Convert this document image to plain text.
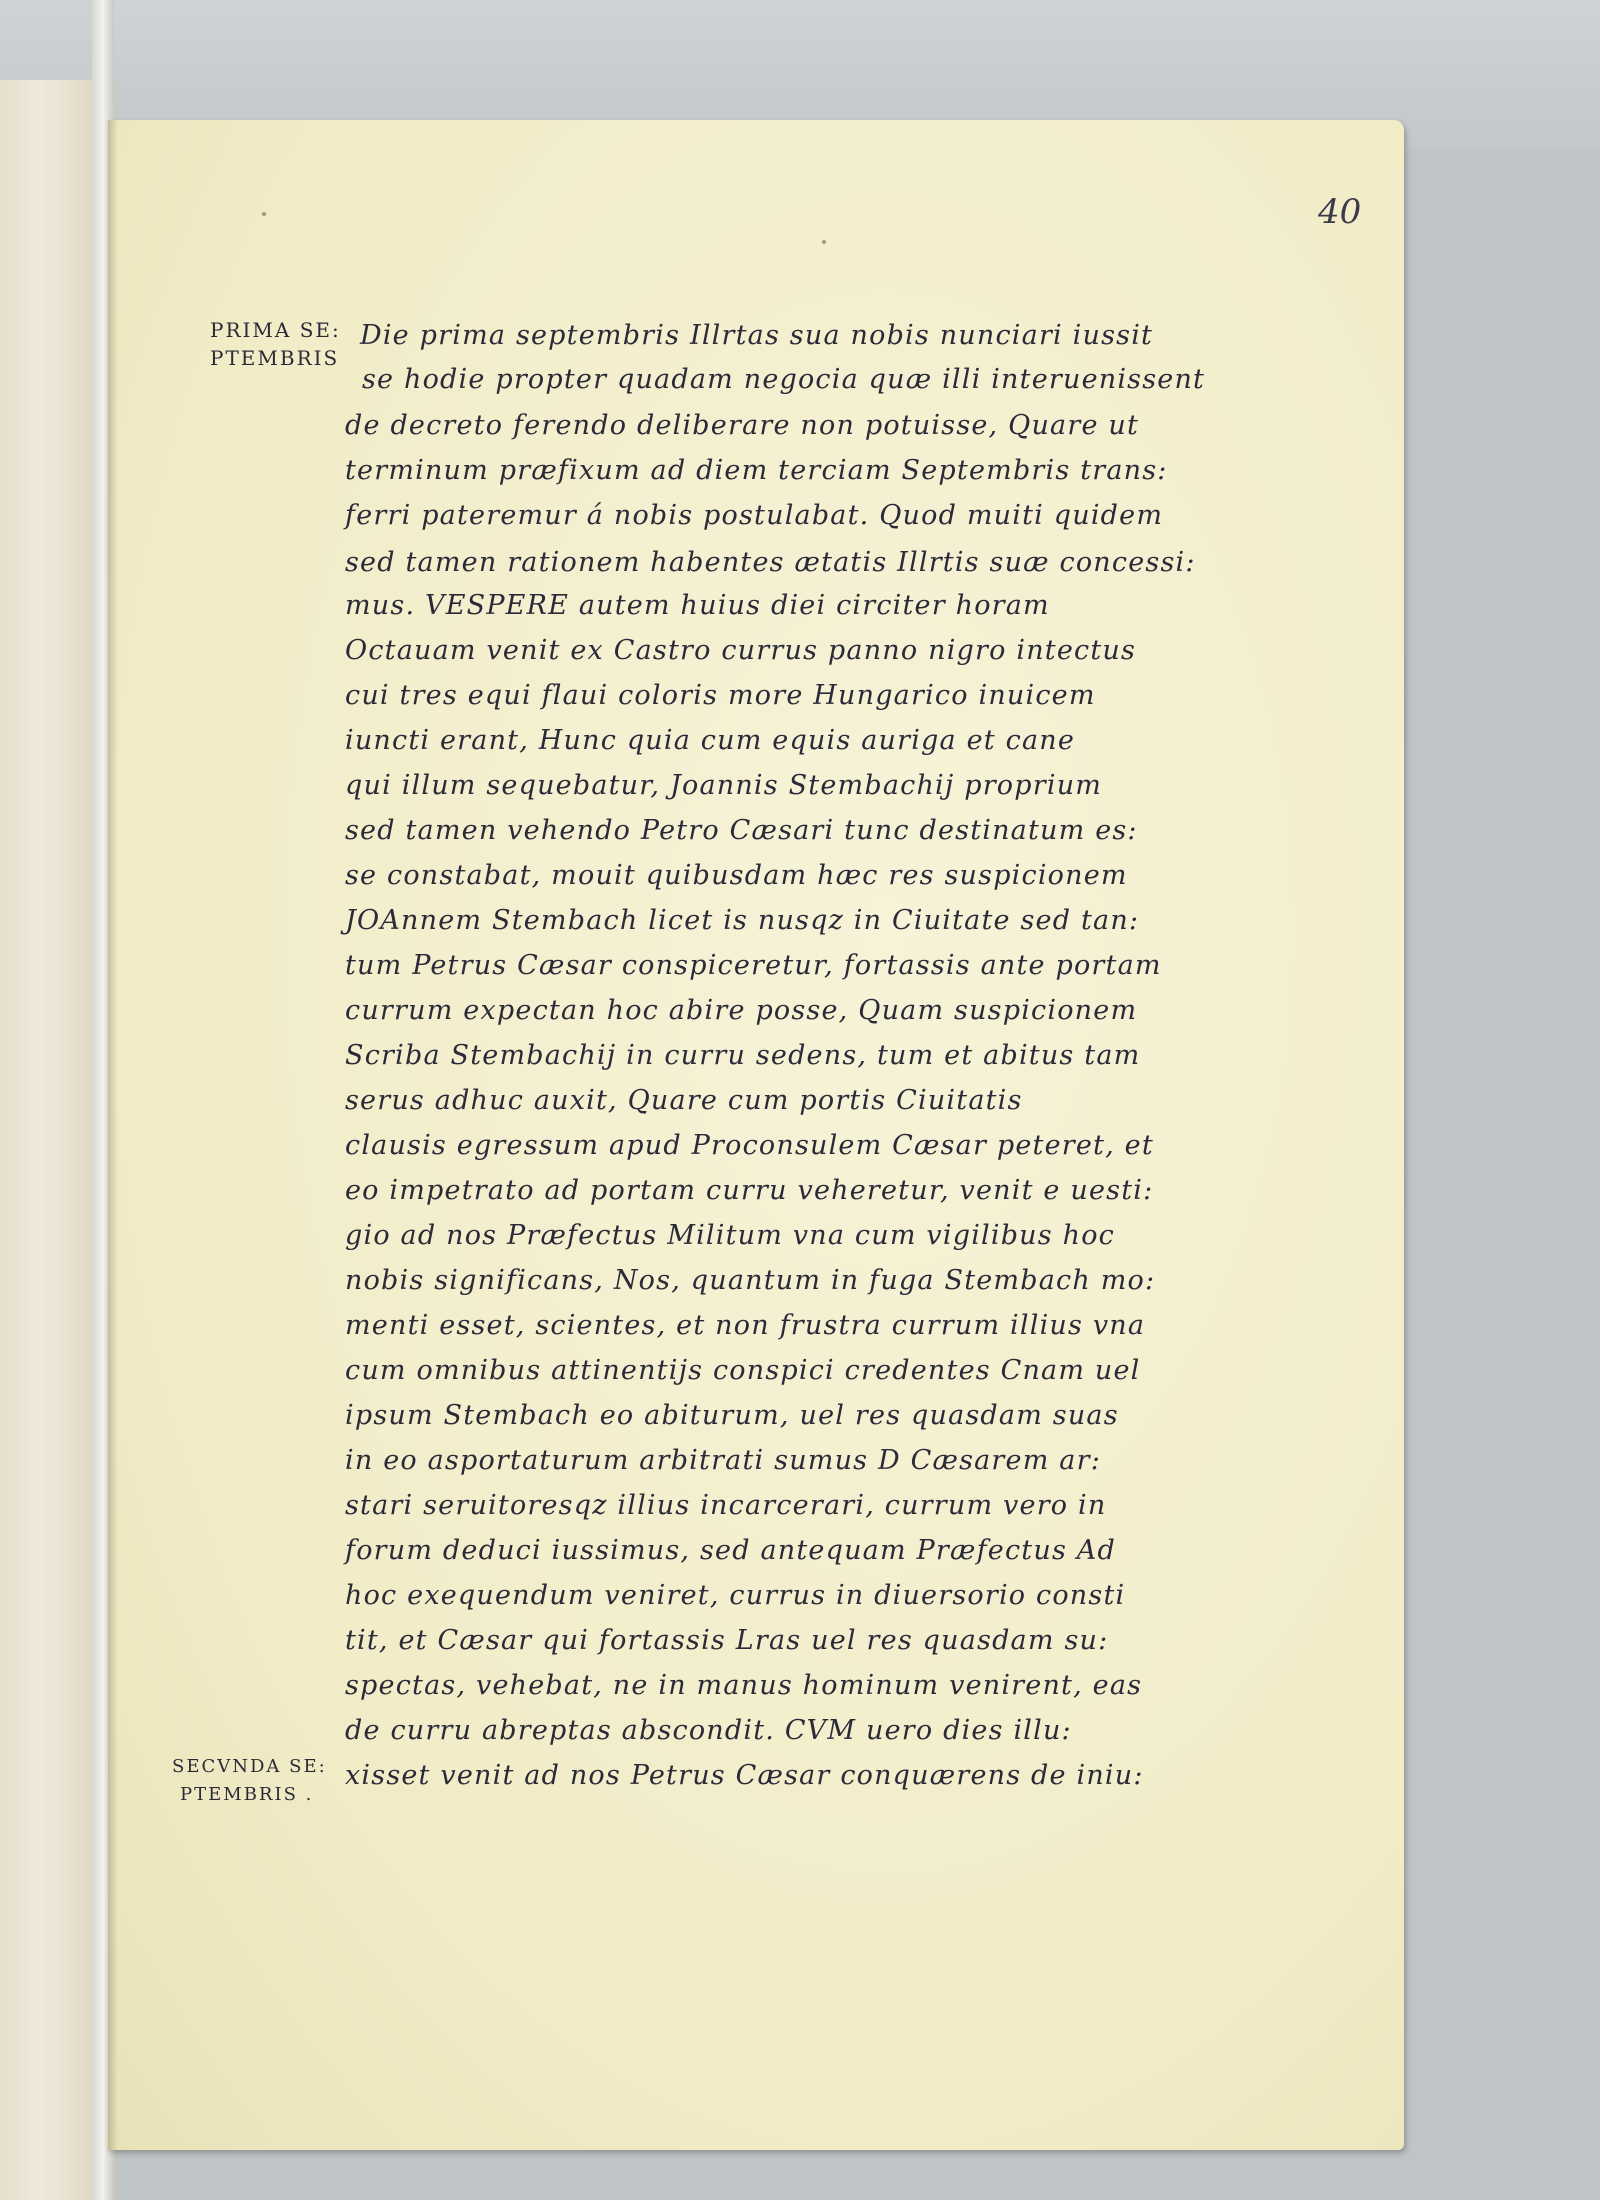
40
PRIMA SE:
PTEMBRIS
SECVNDA SE:
PTEMBRIS .
Die prima septembris Illrtas sua nobis nunciari iussit
se hodie propter quadam negocia quæ illi interuenissent
de decreto ferendo deliberare non potuisse, Quare ut
terminum præfixum ad diem terciam Septembris trans:
ferri pateremur á nobis postulabat. Quod muiti quidem
sed tamen rationem habentes ætatis Illrtis suæ concessi:
mus. VESPERE autem huius diei circiter horam
Octauam venit ex Castro currus panno nigro intectus
cui tres equi flaui coloris more Hungarico inuicem
iuncti erant, Hunc quia cum equis auriga et cane
qui illum sequebatur, Joannis Stembachij proprium
sed tamen vehendo Petro Cæsari tunc destinatum es:
se constabat, mouit quibusdam hæc res suspicionem
JOAnnem Stembach licet is nusqz in Ciuitate sed tan:
tum Petrus Cæsar conspiceretur, fortassis ante portam
currum expectan hoc abire posse, Quam suspicionem
Scriba Stembachij in curru sedens, tum et abitus tam
serus adhuc auxit, Quare cum portis Ciuitatis
clausis egressum apud Proconsulem Cæsar peteret, et
eo impetrato ad portam curru veheretur, venit e uesti:
gio ad nos Præfectus Militum vna cum vigilibus hoc
nobis significans, Nos, quantum in fuga Stembach mo:
menti esset, scientes, et non frustra currum illius vna
cum omnibus attinentijs conspici credentes Cnam uel
ipsum Stembach eo abiturum, uel res quasdam suas
in eo asportaturum arbitrati sumus D Cæsarem ar:
stari seruitoresqz illius incarcerari, currum vero in
forum deduci iussimus, sed antequam Præfectus Ad
hoc exequendum veniret, currus in diuersorio consti
tit, et Cæsar qui fortassis Lras uel res quasdam su:
spectas, vehebat, ne in manus hominum venirent, eas
de curru abreptas abscondit. CVM uero dies illu:
xisset venit ad nos Petrus Cæsar conquærens de iniu:
